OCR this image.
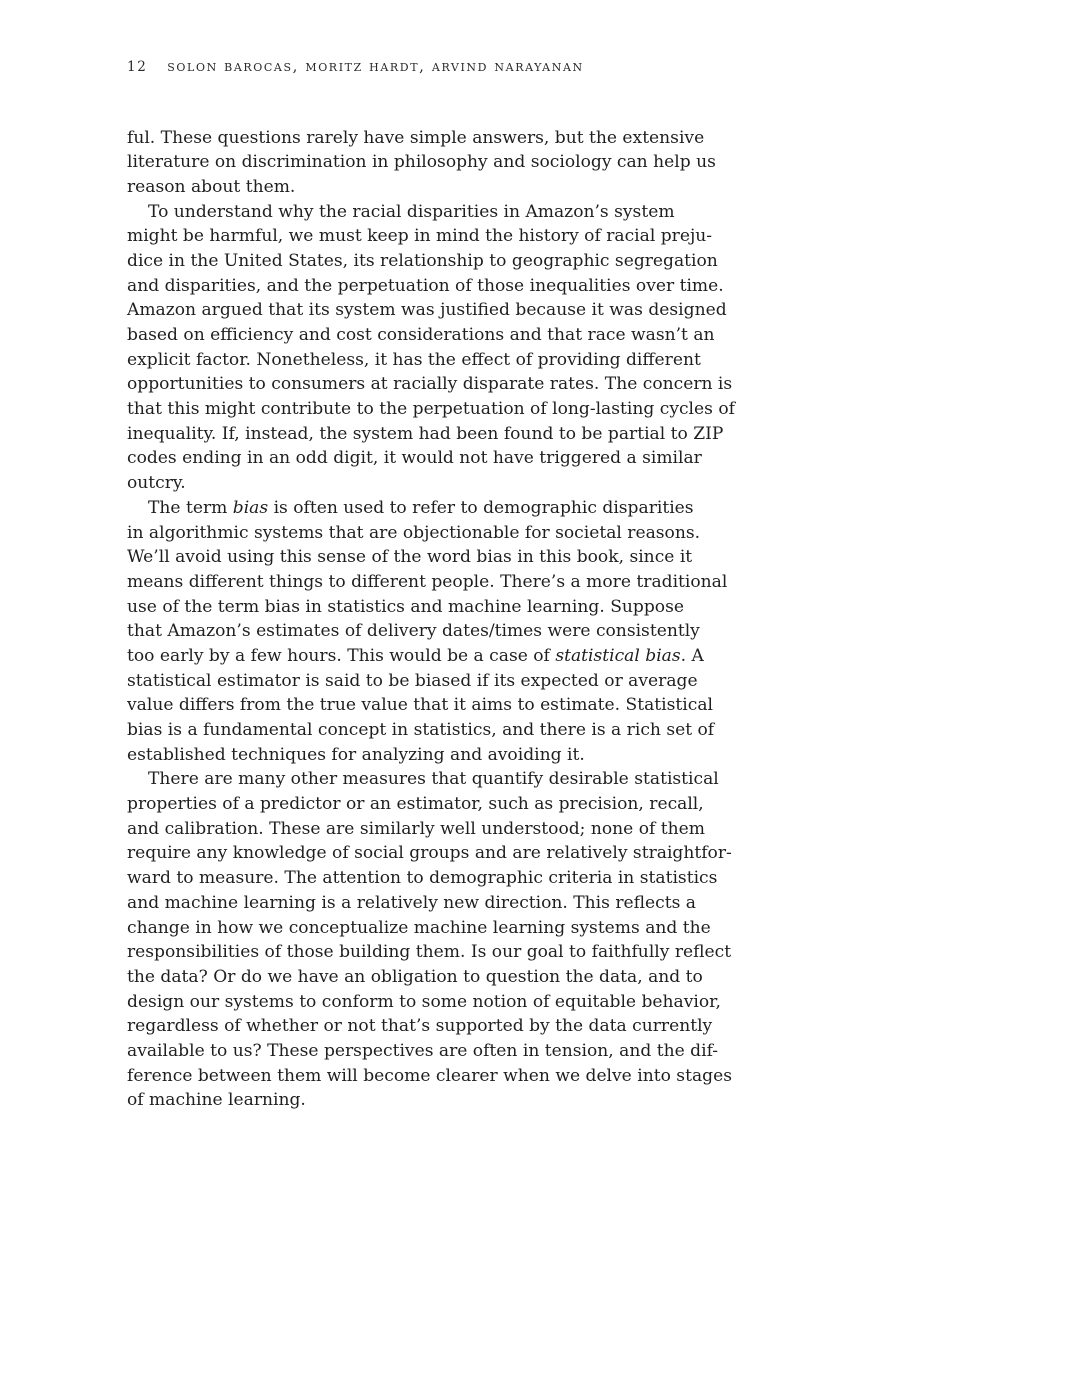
12 solon barocas, moritz hardt, arvind narayanan
ful. These questions rarely have simple answers, but the extensive
literature on discrimination in philosophy and sociology can help us
reason about them.
To understand why the racial disparities in Amazon’s system
might be harmful, we must keep in mind the history of racial preju-
dice in the United States, its relationship to geographic segregation
and disparities, and the perpetuation of those inequalities over time.
Amazon argued that its system was justified because it was designed
based on efficiency and cost considerations and that race wasn’t an
explicit factor. Nonetheless, it has the effect of providing different
opportunities to consumers at racially disparate rates. The concern is
that this might contribute to the perpetuation of long-lasting cycles of
inequality. If, instead, the system had been found to be partial to ZIP
codes ending in an odd digit, it would not have triggered a similar
outcry.
The term bias is often used to refer to demographic disparities
in algorithmic systems that are objectionable for societal reasons.
We’ll avoid using this sense of the word bias in this book, since it
means different things to different people. There’s a more traditional
use of the term bias in statistics and machine learning. Suppose
that Amazon’s estimates of delivery dates/times were consistently
too early by a few hours. This would be a case of statistical bias. A
statistical estimator is said to be biased if its expected or average
value differs from the true value that it aims to estimate. Statistical
bias is a fundamental concept in statistics, and there is a rich set of
established techniques for analyzing and avoiding it.
There are many other measures that quantify desirable statistical
properties of a predictor or an estimator, such as precision, recall,
and calibration. These are similarly well understood; none of them
require any knowledge of social groups and are relatively straightfor-
ward to measure. The attention to demographic criteria in statistics
and machine learning is a relatively new direction. This reflects a
change in how we conceptualize machine learning systems and the
responsibilities of those building them. Is our goal to faithfully reflect
the data? Or do we have an obligation to question the data, and to
design our systems to conform to some notion of equitable behavior,
regardless of whether or not that’s supported by the data currently
available to us? These perspectives are often in tension, and the dif-
ference between them will become clearer when we delve into stages
of machine learning.
